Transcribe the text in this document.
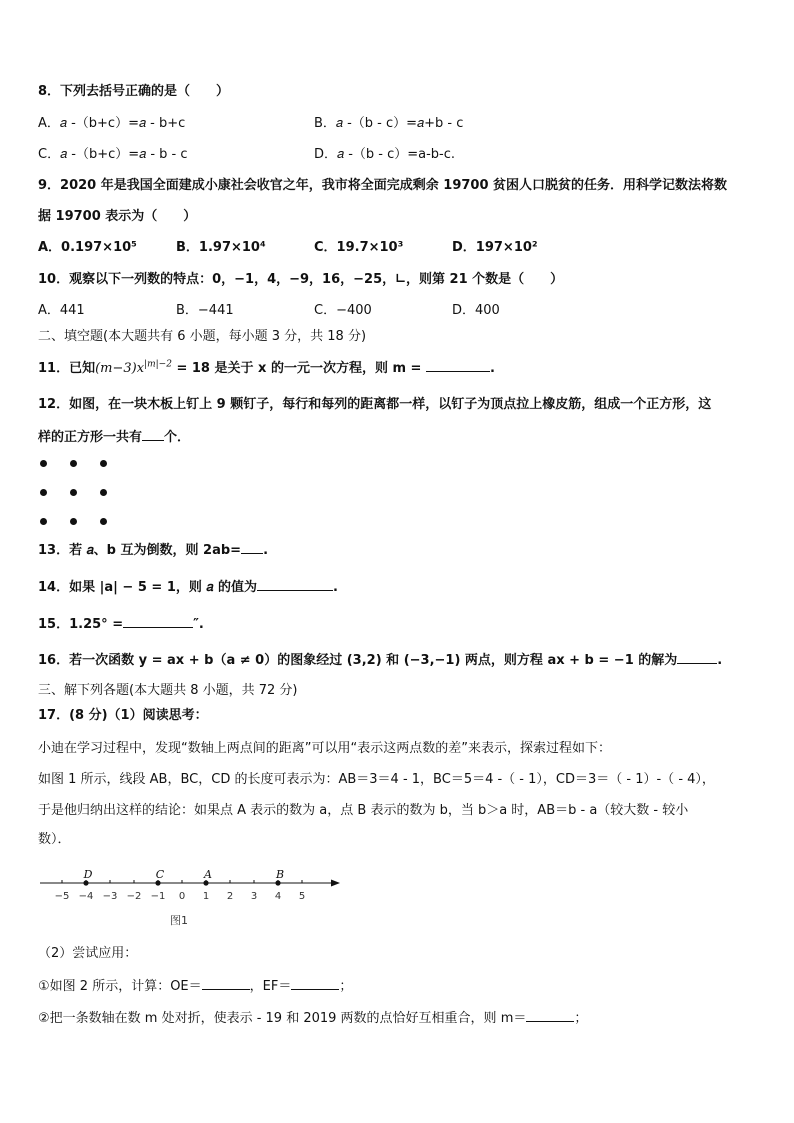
8．下列去括号正确的是（　　）
A．𝑎 -（b+c）=𝑎 - b+c	B．𝑎 -（b - c）=𝑎+b - c
C．𝑎 -（b+c）=𝑎 - b - c	D．𝑎 -（b - c）=a-b-c.
9．2020 年是我国全面建成小康社会收官之年，我市将全面完成剩余 19700 贫困人口脱贫的任务．用科学记数法将数
据 19700 表示为（　　）
A．0.197×10⁵	B．1.97×10⁴	C．19.7×10³	D．197×10²
10．观察以下一列数的特点：0，−1，4，−9，16，−25，∟，则第 21 个数是（　　）
A．441	B．−441	C．−400	D．400
二、填空题(本大题共有 6 小题，每小题 3 分，共 18 分)
11．已知$(m-3)x^{|m|-2} = 18$ 是关于 x 的一元一次方程，则 m =	.
12．如图，在一块木板上钉上 9 颗钉子，每行和每列的距离都一样，以钉子为顶点拉上橡皮筋，组成一个正方形，这
样的正方形一共有 个．
13．若 𝑎、b 互为倒数，则 2ab= .
14．如果 |a| − 5 = 1，则 𝑎 的值为	.
15．1.25° =	″.
16．若一次函数 y = ax + b（a ≠ 0）的图象经过 (3,2) 和 (−3,−1) 两点，则方程 ax + b = −1 的解为	.
三、解下列各题(本大题共 8 小题，共 72 分)
17．(8 分)（1）阅读思考：
小迪在学习过程中，发现“数轴上两点间的距离”可以用“表示这两点数的差”来表示，探索过程如下：
如图 1 所示，线段 AB，BC，CD 的长度可表示为：AB＝3＝4 - 1，BC＝5＝4 -（ - 1），CD＝3＝（ - 1）-（ - 4），
于是他归纳出这样的结论：如果点 A 表示的数为 a，点 B 表示的数为 b，当 b＞a 时，AB＝b - a（较大数 - 较小
数）．
−5 −4 −3 −2 −1 0 1 2 3 4 5
D	C	A	B
图1
（2）尝试应用：
①如图 2 所示，计算：OE＝	，EF＝	；
②把一条数轴在数 m 处对折，使表示 - 19 和 2019 两数的点恰好互相重合，则 m＝	；
